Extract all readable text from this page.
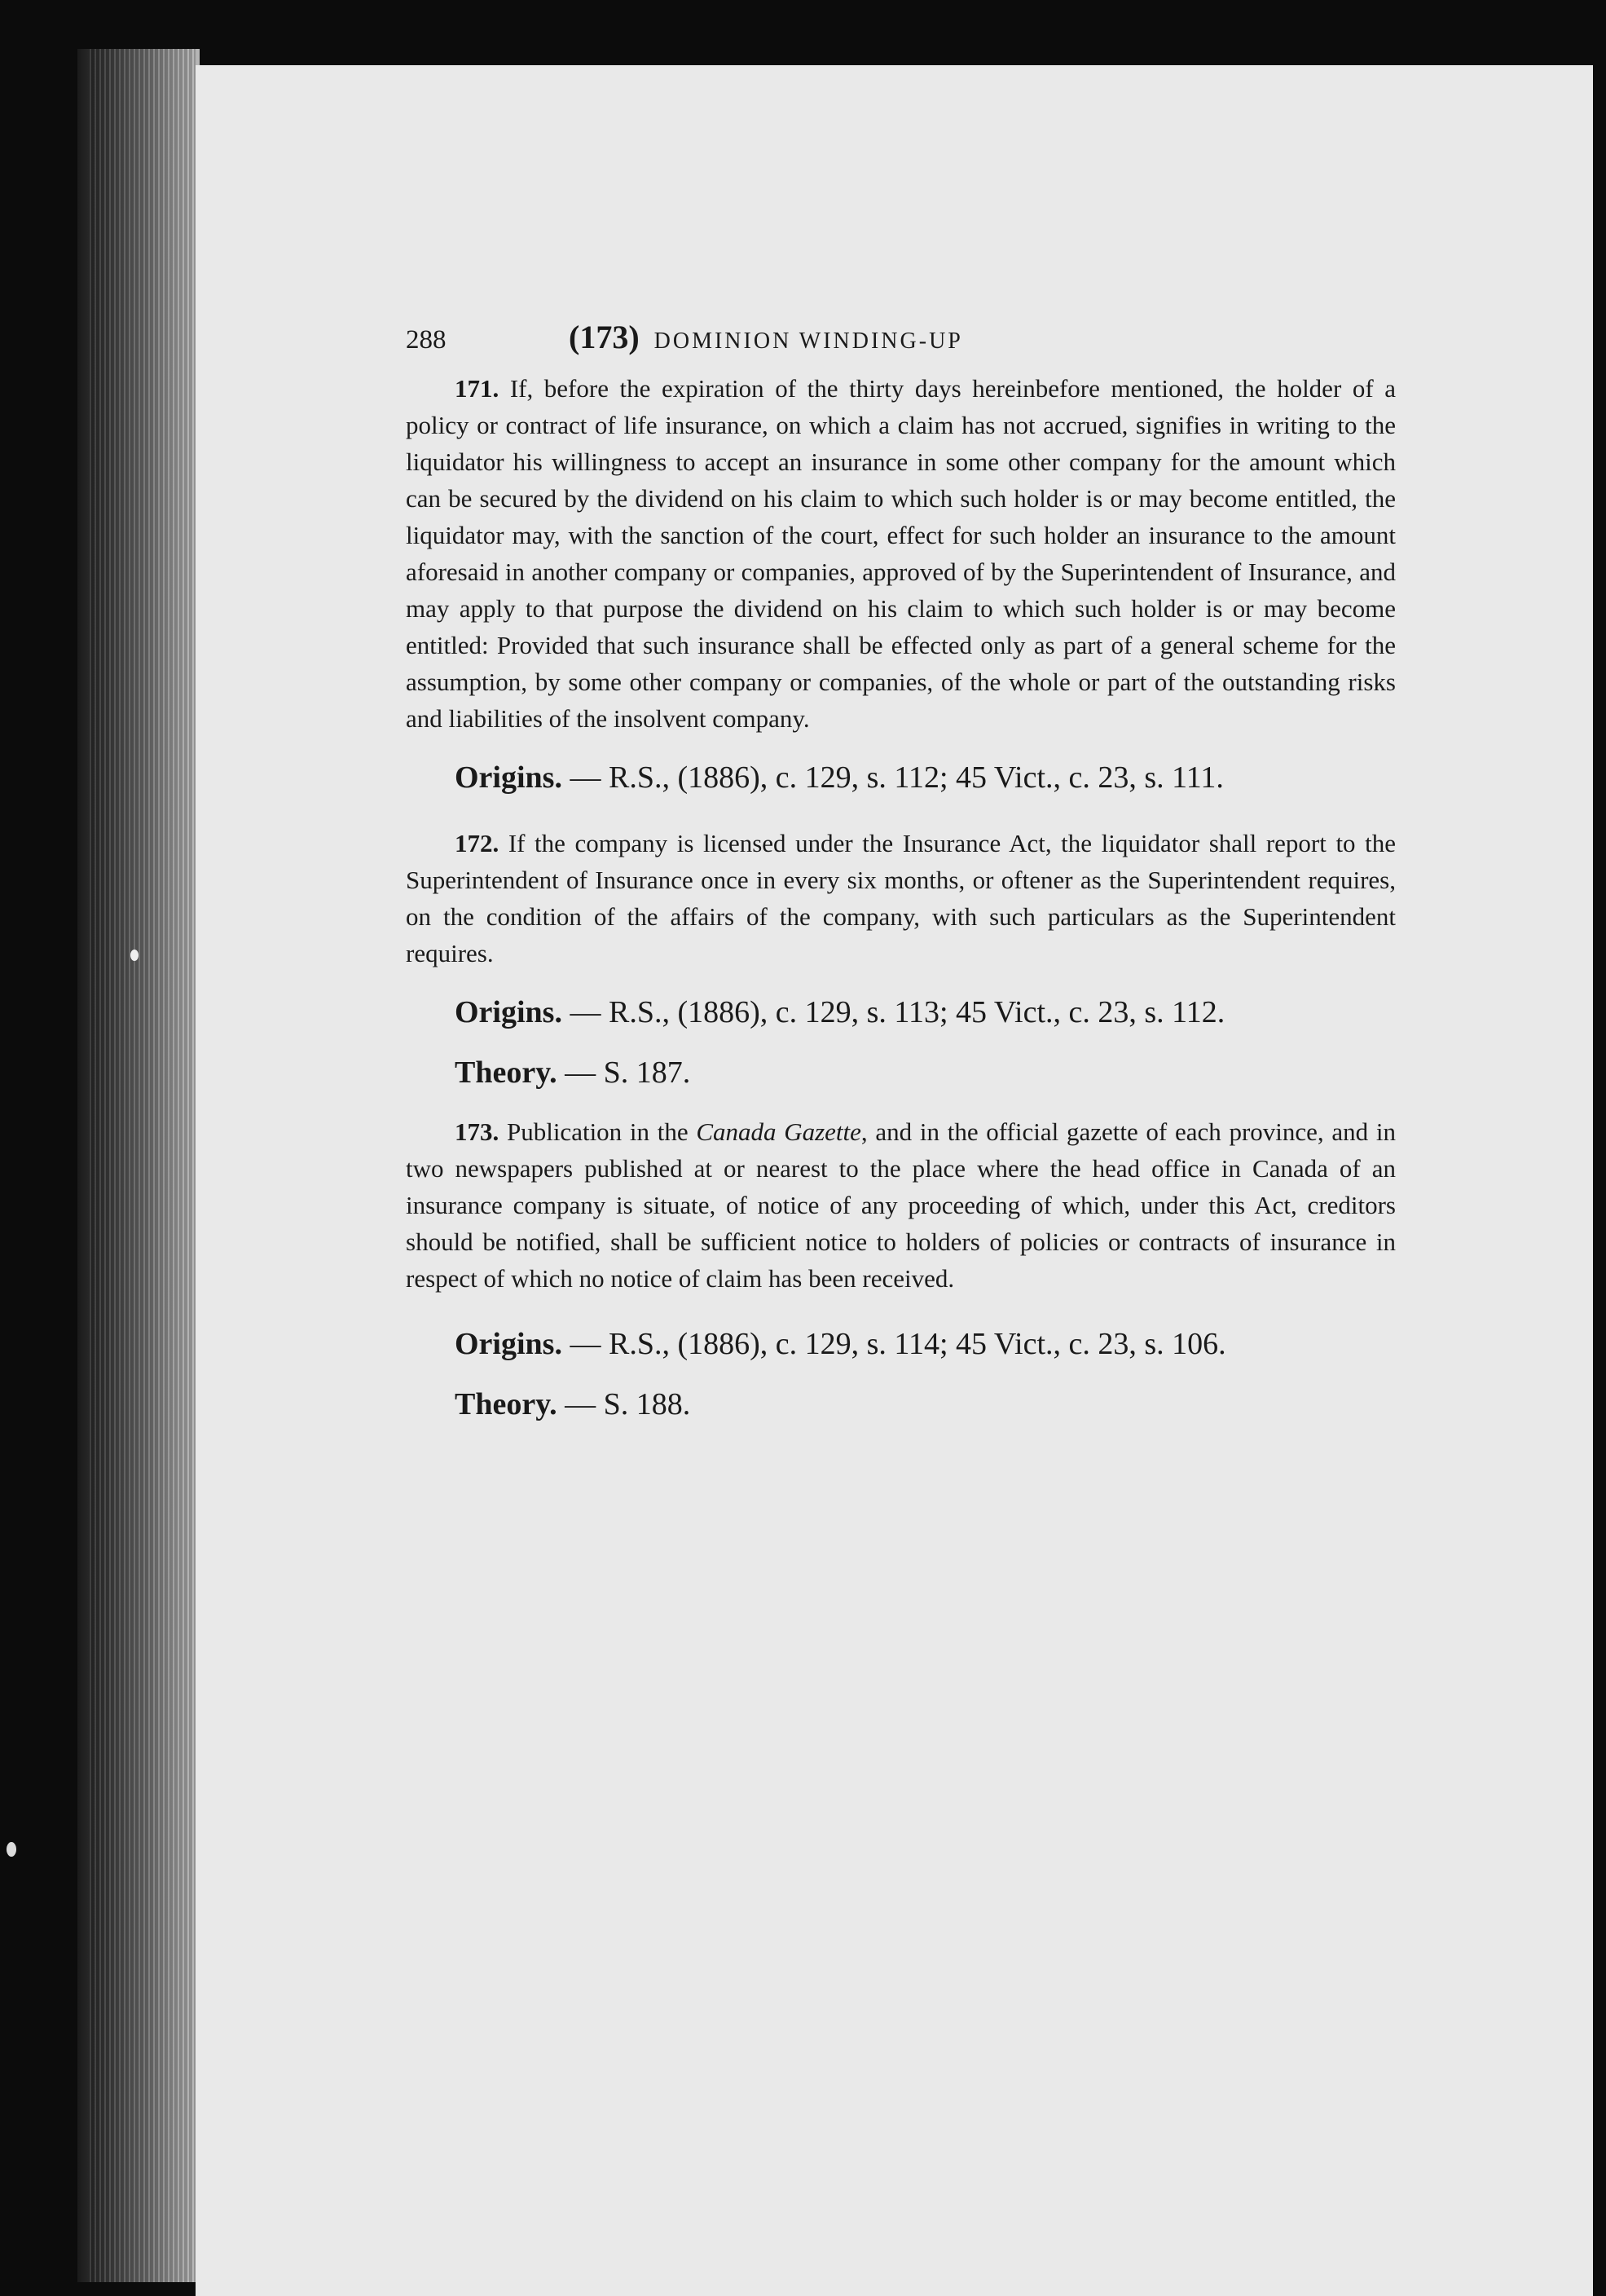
288	(173) DOMINION WINDING-UP

171. If, before the expiration of the thirty days hereinbefore mentioned, the holder of a policy or contract of life insurance, on which a claim has not accrued, signifies in writing to the liquidator his willingness to accept an insurance in some other company for the amount which can be secured by the dividend on his claim to which such holder is or may become entitled, the liquidator may, with the sanction of the court, effect for such holder an insurance to the amount aforesaid in another company or companies, approved of by the Superintendent of Insurance, and may apply to that purpose the dividend on his claim to which such holder is or may become entitled: Provided that such insurance shall be effected only as part of a general scheme for the assumption, by some other company or companies, of the whole or part of the outstanding risks and liabilities of the insolvent company.

Origins. — R.S., (1886), c. 129, s. 112; 45 Vict., c. 23, s. 111.

172. If the company is licensed under the Insurance Act, the liquidator shall report to the Superintendent of Insurance once in every six months, or oftener as the Superintendent requires, on the condition of the affairs of the company, with such particulars as the Superintendent requires.

Origins. — R.S., (1886), c. 129, s. 113; 45 Vict., c. 23, s. 112.

Theory. — S. 187.

173. Publication in the Canada Gazette, and in the official gazette of each province, and in two newspapers published at or nearest to the place where the head office in Canada of an insurance company is situate, of notice of any proceeding of which, under this Act, creditors should be notified, shall be sufficient notice to holders of policies or contracts of insurance in respect of which no notice of claim has been received.

Origins. — R.S., (1886), c. 129, s. 114; 45 Vict., c. 23, s. 106.

Theory. — S. 188.
